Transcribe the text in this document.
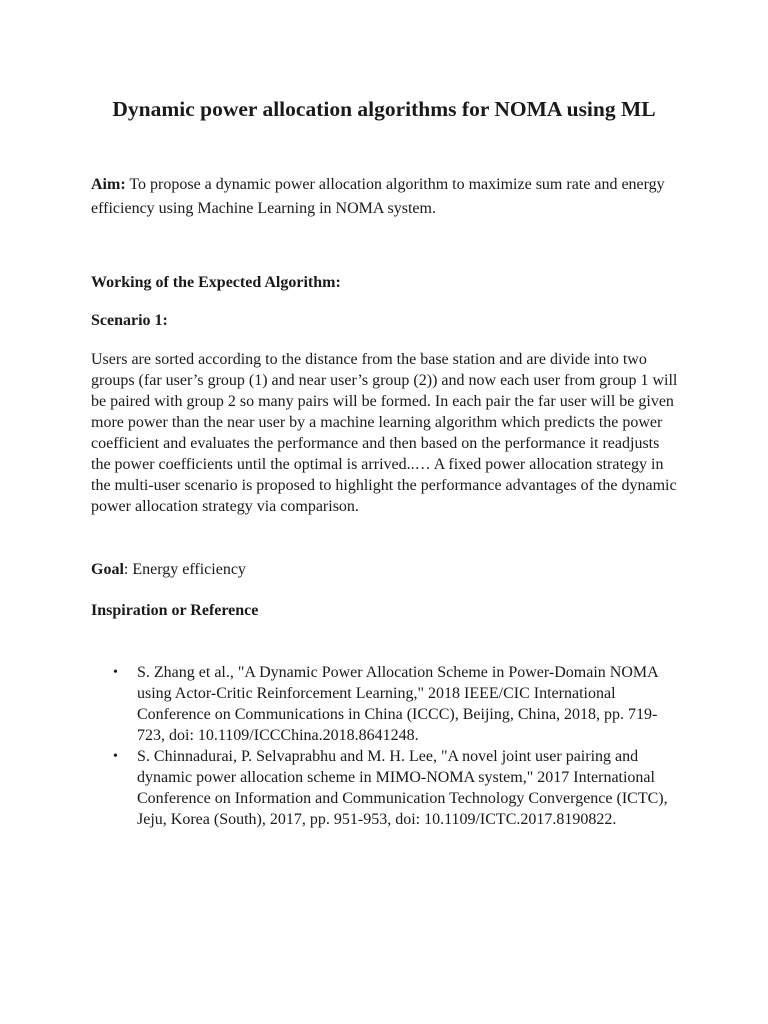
Dynamic power allocation algorithms for NOMA using ML

Aim: To propose a dynamic power allocation algorithm to maximize sum rate and energy efficiency using Machine Learning in NOMA system.

Working of the Expected Algorithm:

Scenario 1:

Users are sorted according to the distance from the base station and are divide into two groups (far user’s group (1) and near user’s group (2)) and now each user from group 1 will be paired with group 2 so many pairs will be formed. In each pair the far user will be given more power than the near user by a machine learning algorithm which predicts the power coefficient and evaluates the performance and then based on the performance it readjusts the power coefficients until the optimal is arrived..… A fixed power allocation strategy in the multi-user scenario is proposed to highlight the performance advantages of the dynamic power allocation strategy via comparison.

Goal: Energy efficiency

Inspiration or Reference

• S. Zhang et al., "A Dynamic Power Allocation Scheme in Power-Domain NOMA using Actor-Critic Reinforcement Learning," 2018 IEEE/CIC International Conference on Communications in China (ICCC), Beijing, China, 2018, pp. 719-723, doi: 10.1109/ICCChina.2018.8641248.
• S. Chinnadurai, P. Selvaprabhu and M. H. Lee, "A novel joint user pairing and dynamic power allocation scheme in MIMO-NOMA system," 2017 International Conference on Information and Communication Technology Convergence (ICTC), Jeju, Korea (South), 2017, pp. 951-953, doi: 10.1109/ICTC.2017.8190822.
